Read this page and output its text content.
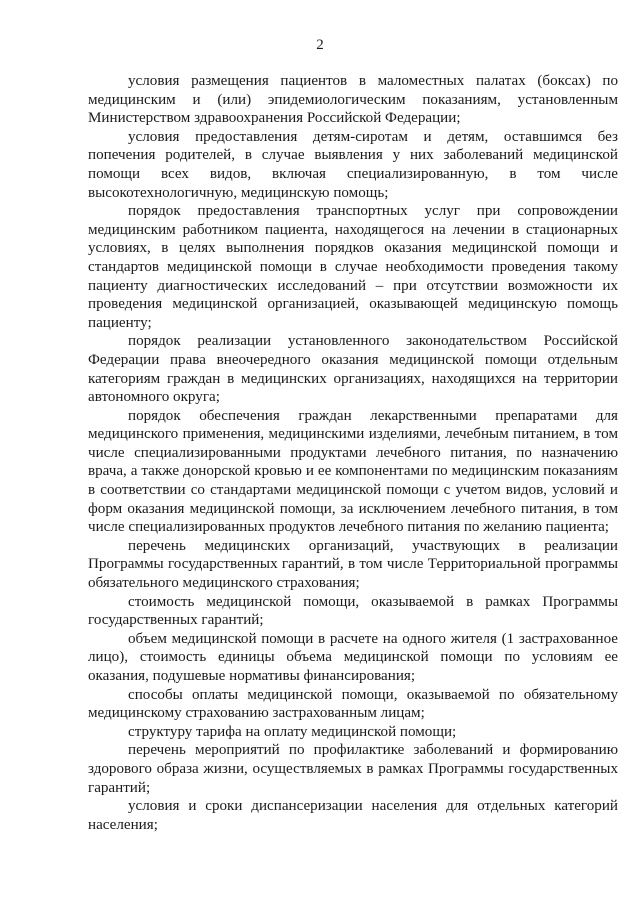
2

условия размещения пациентов в маломестных палатах (боксах) по медицинским и (или) эпидемиологическим показаниям, установленным Министерством здравоохранения Российской Федерации;

условия предоставления детям-сиротам и детям, оставшимся без попечения родителей, в случае выявления у них заболеваний медицинской помощи всех видов, включая специализированную, в том числе высокотехнологичную, медицинскую помощь;

порядок предоставления транспортных услуг при сопровождении медицинским работником пациента, находящегося на лечении в стационарных условиях, в целях выполнения порядков оказания медицинской помощи и стандартов медицинской помощи в случае необходимости проведения такому пациенту диагностических исследований – при отсутствии возможности их проведения медицинской организацией, оказывающей медицинскую помощь пациенту;

порядок реализации установленного законодательством Российской Федерации права внеочередного оказания медицинской помощи отдельным категориям граждан в медицинских организациях, находящихся на территории автономного округа;

порядок обеспечения граждан лекарственными препаратами для медицинского применения, медицинскими изделиями, лечебным питанием, в том числе специализированными продуктами лечебного питания, по назначению врача, а также донорской кровью и ее компонентами по медицинским показаниям в соответствии со стандартами медицинской помощи с учетом видов, условий и форм оказания медицинской помощи, за исключением лечебного питания, в том числе специализированных продуктов лечебного питания по желанию пациента;

перечень медицинских организаций, участвующих в реализации Программы государственных гарантий, в том числе Территориальной программы обязательного медицинского страхования;

стоимость медицинской помощи, оказываемой в рамках Программы государственных гарантий;

объем медицинской помощи в расчете на одного жителя (1 застрахованное лицо), стоимость единицы объема медицинской помощи по условиям ее оказания, подушевые нормативы финансирования;

способы оплаты медицинской помощи, оказываемой по обязательному медицинскому страхованию застрахованным лицам;

структуру тарифа на оплату медицинской помощи;

перечень мероприятий по профилактике заболеваний и формированию здорового образа жизни, осуществляемых в рамках Программы государственных гарантий;

условия и сроки диспансеризации населения для отдельных категорий населения;
